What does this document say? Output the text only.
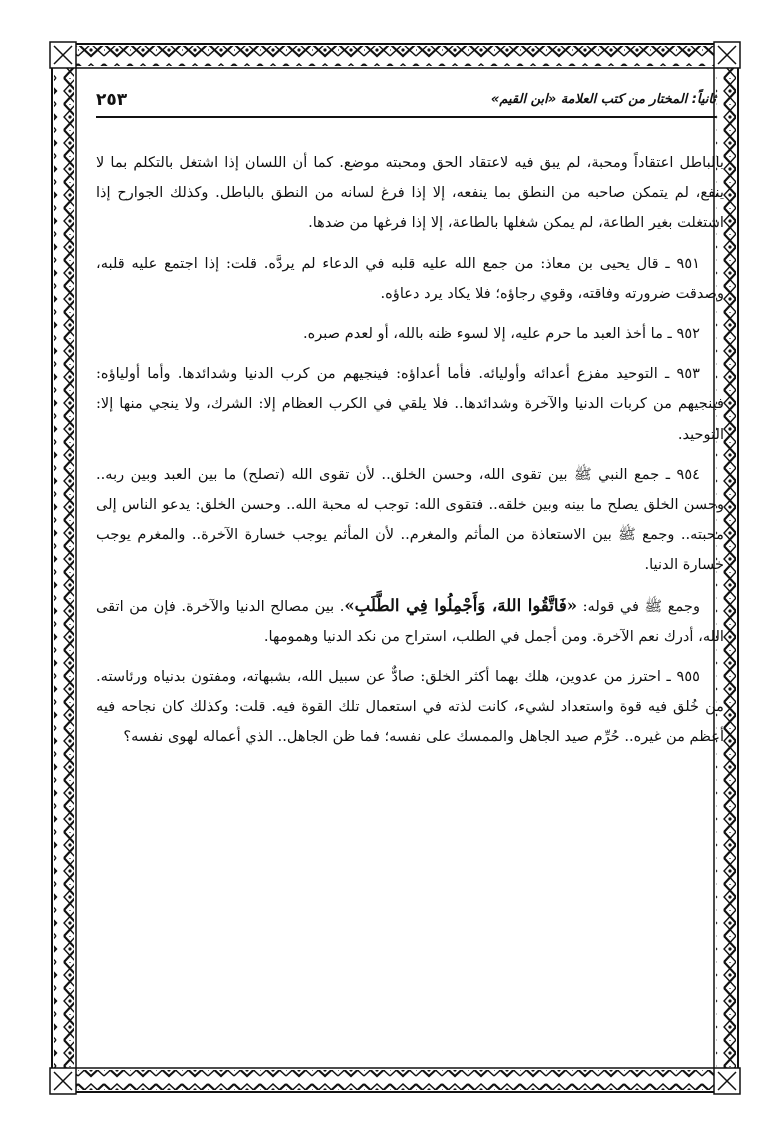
ثانياً: المختار من كتب العلامة «ابن القيم»
٢٥٣

بالباطل اعتقاداً ومحبة، لم يبق فيه لاعتقاد الحق ومحبته موضع. كما أن اللسان إذا اشتغل بالتكلم بما لا ينفع، لم يتمكن صاحبه من النطق بما ينفعه، إلا إذا فرغ لسانه من النطق بالباطل. وكذلك الجوارح إذا اشتغلت بغير الطاعة، لم يمكن شغلها بالطاعة، إلا إذا فرغها من ضدها.

٩٥١ ـ قال يحيى بن معاذ: من جمع الله عليه قلبه في الدعاء لم يردَّه. قلت: إذا اجتمع عليه قلبه، وصدقت ضرورته وفاقته، وقوي رجاؤه؛ فلا يكاد يرد دعاؤه.

٩٥٢ ـ ما أخذ العبد ما حرم عليه، إلا لسوء ظنه بالله، أو لعدم صبره.

٩٥٣ ـ التوحيد مفزع أعدائه وأوليائه. فأما أعداؤه: فينجيهم من كرب الدنيا وشدائدها. وأما أولياؤه: فينجيهم من كربات الدنيا والآخرة وشدائدها.. فلا يلقي في الكرب العظام إلا: الشرك، ولا ينجي منها إلا: التوحيد.

٩٥٤ ـ جمع النبي ﷺ بين تقوى الله، وحسن الخلق.. لأن تقوى الله (تصلح) ما بين العبد وبين ربه.. وحسن الخلق يصلح ما بينه وبين خلقه.. فتقوى الله: توجب له محبة الله.. وحسن الخلق: يدعو الناس إلى محبته.. وجمع ﷺ بين الاستعاذة من المأثم والمغرم.. لأن المأثم يوجب خسارة الآخرة.. والمغرم يوجب خسارة الدنيا.

وجمع ﷺ في قوله: «فَاتَّقُوا اللهَ، وَأَجْمِلُوا فِي الطَّلَبِ». بين مصالح الدنيا والآخرة. فإن من اتقى الله، أدرك نعم الآخرة. ومن أجمل في الطلب، استراح من نكد الدنيا وهمومها.

٩٥٥ ـ احترز من عدوين، هلك بهما أكثر الخلق: صادٌّ عن سبيل الله، بشبهاته، ومفتون بدنياه ورئاسته. من خُلق فيه قوة واستعداد لشيء، كانت لذته في استعمال تلك القوة فيه. قلت: وكذلك كان نجاحه فيه أعظم من غيره.. حُرِّم صيد الجاهل والممسك على نفسه؛ فما ظن الجاهل.. الذي أعماله لهوى نفسه؟
